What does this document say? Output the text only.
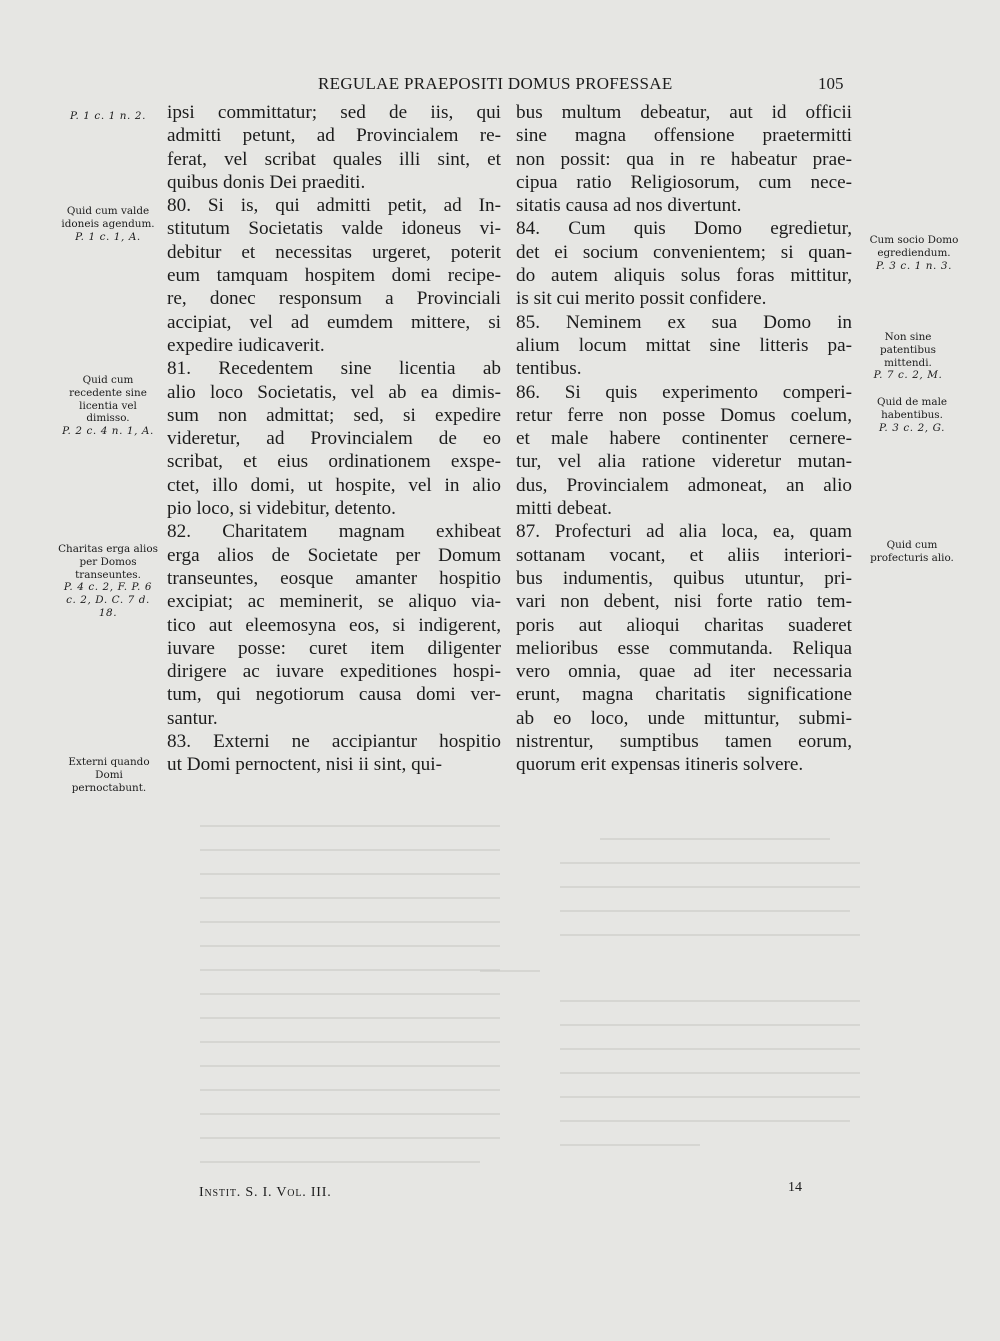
REGULAE PRAEPOSITI DOMUS PROFESSAE	105
P. 1 c. 1 n. 2.
Quid cum valde idoneis agendum.
P. 1 c. 1, A.
Quid cum recedente sine licentia vel dimisso.
P. 2 c. 4 n. 1, A.
Charitas erga alios per Domos transeuntes.
P. 4 c. 2, F. P. 6 c. 2, D. C. 7 d. 18.
Externi quando Domi pernoctabunt.
Cum socio Domo egrediendum.
P. 3 c. 1 n. 3.
Non sine patentibus mittendi.
P. 7 c. 2, M.
Quid de male habentibus.
P. 3 c. 2, G.
Quid cum profecturis alio.
ipsi committatur; sed de iis, qui
admitti petunt, ad Provincialem re-
ferat, vel scribat quales illi sint, et
quibus donis Dei praediti.
80. Si is, qui admitti petit, ad In-
stitutum Societatis valde idoneus vi-
debitur et necessitas urgeret, poterit
eum tamquam hospitem domi recipe-
re, donec responsum a Provinciali
accipiat, vel ad eumdem mittere, si
expedire iudicaverit.
81. Recedentem sine licentia ab
alio loco Societatis, vel ab ea dimis-
sum non admittat; sed, si expedire
videretur, ad Provincialem de eo
scribat, et eius ordinationem exspe-
ctet, illo domi, ut hospite, vel in alio
pio loco, si videbitur, detento.
82. Charitatem magnam exhibeat
erga alios de Societate per Domum
transeuntes, eosque amanter hospitio
excipiat; ac meminerit, se aliquo via-
tico aut eleemosyna eos, si indigerent,
iuvare posse: curet item diligenter
dirigere ac iuvare expeditiones hospi-
tum, qui negotiorum causa domi ver-
santur.
83. Externi ne accipiantur hospitio
ut Domi pernoctent, nisi ii sint, qui-
bus multum debeatur, aut id officii
sine magna offensione praetermitti
non possit: qua in re habeatur prae-
cipua ratio Religiosorum, cum nece-
sitatis causa ad nos divertunt.
84. Cum quis Domo egredietur,
det ei socium convenientem; si quan-
do autem aliquis solus foras mittitur,
is sit cui merito possit confidere.
85. Neminem ex sua Domo in
alium locum mittat sine litteris pa-
tentibus.
86. Si quis experimento comperi-
retur ferre non posse Domus coelum,
et male habere continenter cernere-
tur, vel alia ratione videretur mutan-
dus, Provincialem admoneat, an alio
mitti debeat.
87. Profecturi ad alia loca, ea, quam
sottanam vocant, et aliis interiori-
bus indumentis, quibus utuntur, pri-
vari non debent, nisi forte ratio tem-
poris aut alioqui charitas suaderet
melioribus esse commutanda. Reliqua
vero omnia, quae ad iter necessaria
erunt, magna charitatis significatione
ab eo loco, unde mittuntur, submi-
nistrentur, sumptibus tamen eorum,
quorum erit expensas itineris solvere.
Instit. S. I. Vol. III.	14
